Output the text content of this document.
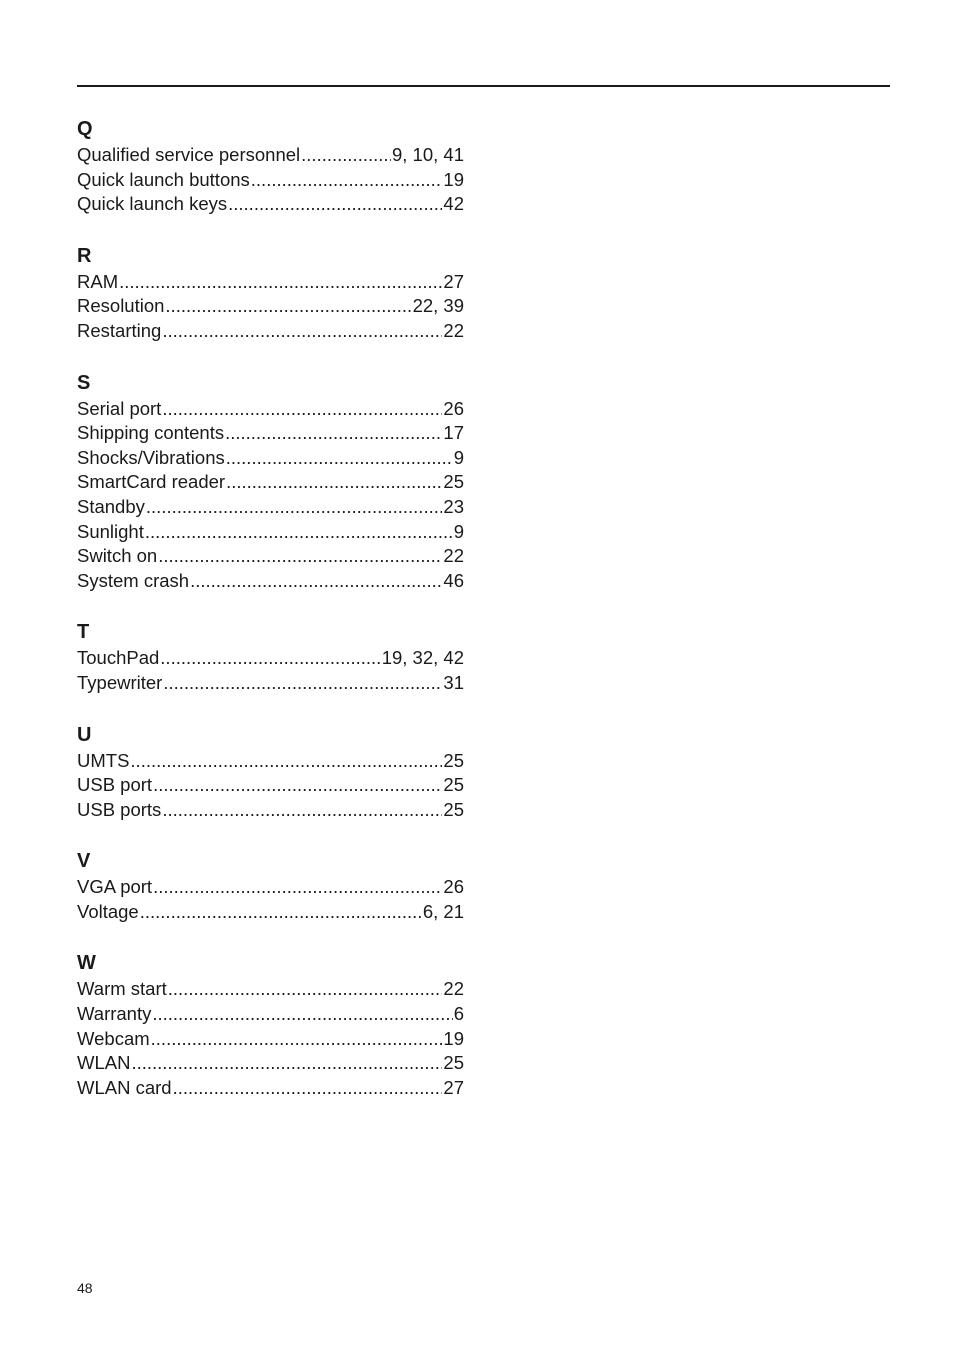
Q
Qualified service personnel .....	9, 10, 41
Quick launch buttons .....	19
Quick launch keys .....	42
R
RAM .....	27
Resolution .....	22, 39
Restarting .....	22
S
Serial port .....	26
Shipping contents .....	17
Shocks/Vibrations .....	9
SmartCard reader .....	25
Standby .....	23
Sunlight .....	9
Switch on .....	22
System crash .....	46
T
TouchPad .....	19, 32, 42
Typewriter .....	31
U
UMTS .....	25
USB port .....	25
USB ports .....	25
V
VGA port .....	26
Voltage .....	6, 21
W
Warm start .....	22
Warranty .....	6
Webcam .....	19
WLAN .....	25
WLAN card .....	27
48
